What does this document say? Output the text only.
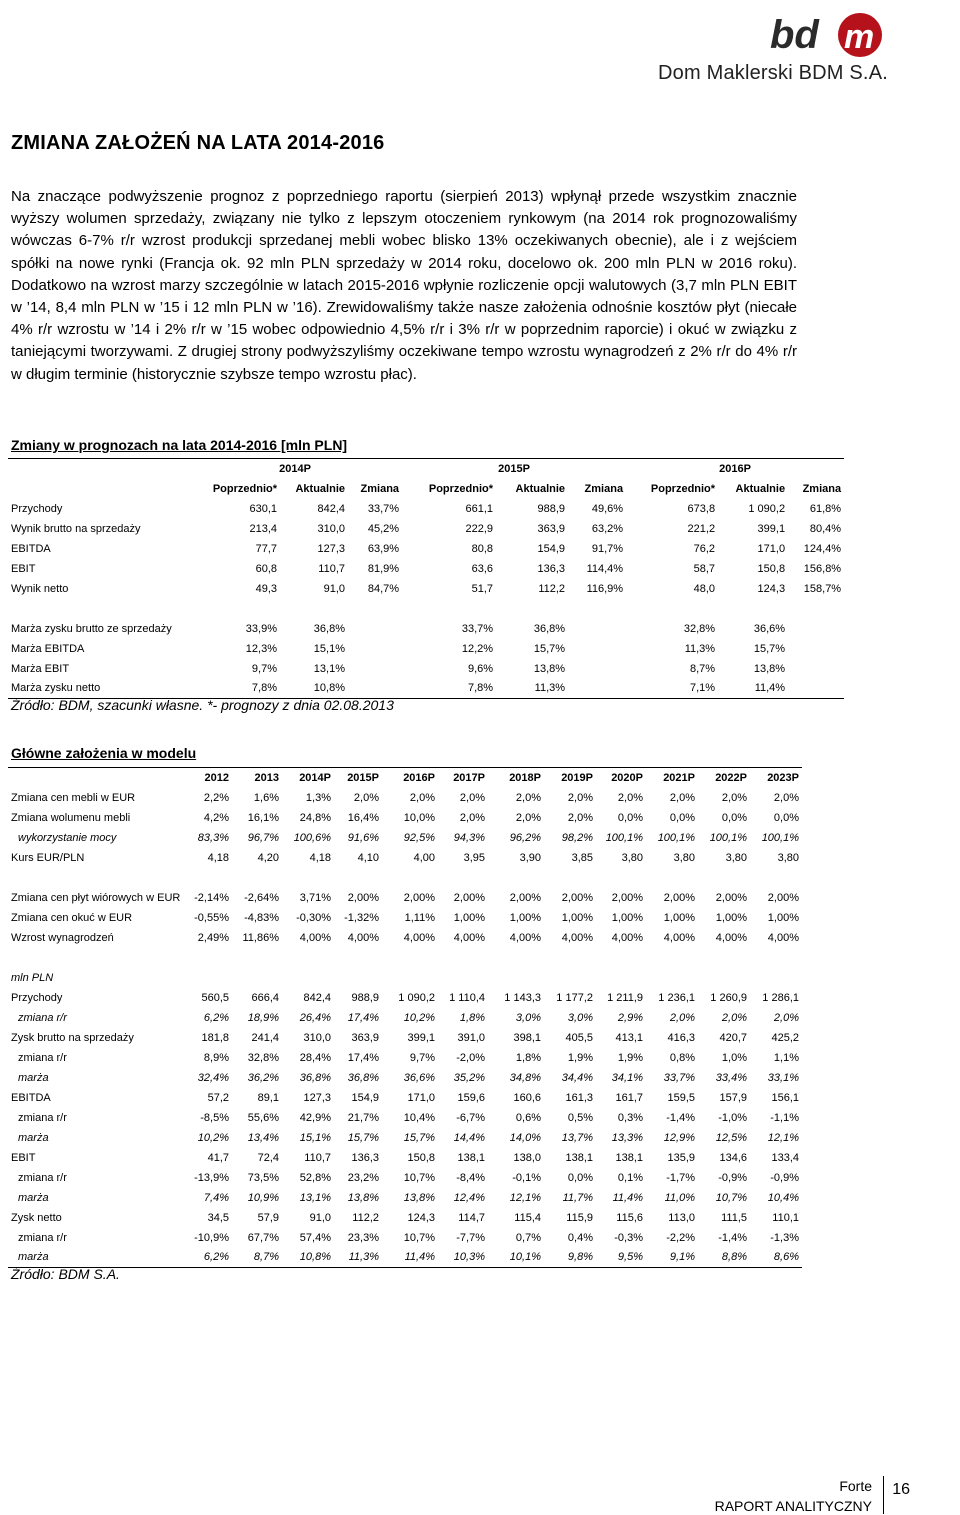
bd m
Dom Maklerski BDM S.A.
ZMIANA ZAŁOŻEŃ NA LATA 2014-2016

Na znaczące podwyższenie prognoz z poprzedniego raportu (sierpień 2013) wpłynął przede wszystkim znacznie wyższy wolumen sprzedaży, związany nie tylko z lepszym otoczeniem rynkowym (na 2014 rok prognozowaliśmy wówczas 6-7% r/r wzrost produkcji sprzedanej mebli wobec blisko 13% oczekiwanych obecnie), ale i z wejściem spółki na nowe rynki (Francja ok. 92 mln PLN sprzedaży w 2014 roku, docelowo ok. 200 mln PLN w 2016 roku). Dodatkowo na wzrost marzy szczególnie w latach 2015-2016 wpłynie rozliczenie opcji walutowych (3,7 mln PLN EBIT w ’14, 8,4 mln PLN w ’15 i 12 mln PLN w ’16). Zrewidowaliśmy także nasze założenia odnośnie kosztów płyt (niecałe 4% r/r wzrostu w ’14 i 2% r/r w ’15 wobec odpowiednio 4,5% r/r i 3% r/r w poprzednim raporcie) i okuć w związku z taniejącymi tworzywami. Z drugiej strony podwyższyliśmy oczekiwane tempo wzrostu wynagrodzeń z 2% r/r do 4% r/r w długim terminie (historycznie szybsze tempo wzrostu płac).

Zmiany w prognozach na lata 2014-2016 [mln PLN]
	2014P			2015P			2016P		
	Poprzednio*	Aktualnie	Zmiana	Poprzednio*	Aktualnie	Zmiana	Poprzednio*	Aktualnie	Zmiana
Przychody	630,1	842,4	33,7%	661,1	988,9	49,6%	673,8	1 090,2	61,8%
Wynik brutto na sprzedaży	213,4	310,0	45,2%	222,9	363,9	63,2%	221,2	399,1	80,4%
EBITDA	77,7	127,3	63,9%	80,8	154,9	91,7%	76,2	171,0	124,4%
EBIT	60,8	110,7	81,9%	63,6	136,3	114,4%	58,7	150,8	156,8%
Wynik netto	49,3	91,0	84,7%	51,7	112,2	116,9%	48,0	124,3	158,7%

Marża zysku brutto ze sprzedaży	33,9%	36,8%		33,7%	36,8%		32,8%	36,6%	
Marża EBITDA	12,3%	15,1%		12,2%	15,7%		11,3%	15,7%	
Marża EBIT	9,7%	13,1%		9,6%	13,8%		8,7%	13,8%	
Marża zysku netto	7,8%	10,8%		7,8%	11,3%		7,1%	11,4%	
Źródło: BDM, szacunki własne. *- prognozy z dnia 02.08.2013
Główne założenia w modelu
	2012	2013	2014P	2015P	2016P	2017P	2018P	2019P	2020P	2021P	2022P	2023P
Zmiana cen mebli w EUR	2,2%	1,6%	1,3%	2,0%	2,0%	2,0%	2,0%	2,0%	2,0%	2,0%	2,0%	2,0%
Zmiana wolumenu mebli	4,2%	16,1%	24,8%	16,4%	10,0%	2,0%	2,0%	2,0%	0,0%	0,0%	0,0%	0,0%
wykorzystanie mocy	83,3%	96,7%	100,6%	91,6%	92,5%	94,3%	96,2%	98,2%	100,1%	100,1%	100,1%	100,1%
Kurs EUR/PLN	4,18	4,20	4,18	4,10	4,00	3,95	3,90	3,85	3,80	3,80	3,80	3,80

Zmiana cen płyt wiórowych w EUR	-2,14%	-2,64%	3,71%	2,00%	2,00%	2,00%	2,00%	2,00%	2,00%	2,00%	2,00%	2,00%
Zmiana cen okuć w EUR	-0,55%	-4,83%	-0,30%	-1,32%	1,11%	1,00%	1,00%	1,00%	1,00%	1,00%	1,00%	1,00%
Wzrost wynagrodzeń	2,49%	11,86%	4,00%	4,00%	4,00%	4,00%	4,00%	4,00%	4,00%	4,00%	4,00%	4,00%

mln PLN												
Przychody	560,5	666,4	842,4	988,9	1 090,2	1 110,4	1 143,3	1 177,2	1 211,9	1 236,1	1 260,9	1 286,1
zmiana r/r	6,2%	18,9%	26,4%	17,4%	10,2%	1,8%	3,0%	3,0%	2,9%	2,0%	2,0%	2,0%
Zysk brutto na sprzedaży	181,8	241,4	310,0	363,9	399,1	391,0	398,1	405,5	413,1	416,3	420,7	425,2
zmiana r/r	8,9%	32,8%	28,4%	17,4%	9,7%	-2,0%	1,8%	1,9%	1,9%	0,8%	1,0%	1,1%
marża	32,4%	36,2%	36,8%	36,8%	36,6%	35,2%	34,8%	34,4%	34,1%	33,7%	33,4%	33,1%
EBITDA	57,2	89,1	127,3	154,9	171,0	159,6	160,6	161,3	161,7	159,5	157,9	156,1
zmiana r/r	-8,5%	55,6%	42,9%	21,7%	10,4%	-6,7%	0,6%	0,5%	0,3%	-1,4%	-1,0%	-1,1%
marża	10,2%	13,4%	15,1%	15,7%	15,7%	14,4%	14,0%	13,7%	13,3%	12,9%	12,5%	12,1%
EBIT	41,7	72,4	110,7	136,3	150,8	138,1	138,0	138,1	138,1	135,9	134,6	133,4
zmiana r/r	-13,9%	73,5%	52,8%	23,2%	10,7%	-8,4%	-0,1%	0,0%	0,1%	-1,7%	-0,9%	-0,9%
marża	7,4%	10,9%	13,1%	13,8%	13,8%	12,4%	12,1%	11,7%	11,4%	11,0%	10,7%	10,4%
Zysk netto	34,5	57,9	91,0	112,2	124,3	114,7	115,4	115,9	115,6	113,0	111,5	110,1
zmiana r/r	-10,9%	67,7%	57,4%	23,3%	10,7%	-7,7%	0,7%	0,4%	-0,3%	-2,2%	-1,4%	-1,3%
marża	6,2%	8,7%	10,8%	11,3%	11,4%	10,3%	10,1%	9,8%	9,5%	9,1%	8,8%	8,6%
Źródło: BDM S.A.
Forte
RAPORT ANALITYCZNY
16
